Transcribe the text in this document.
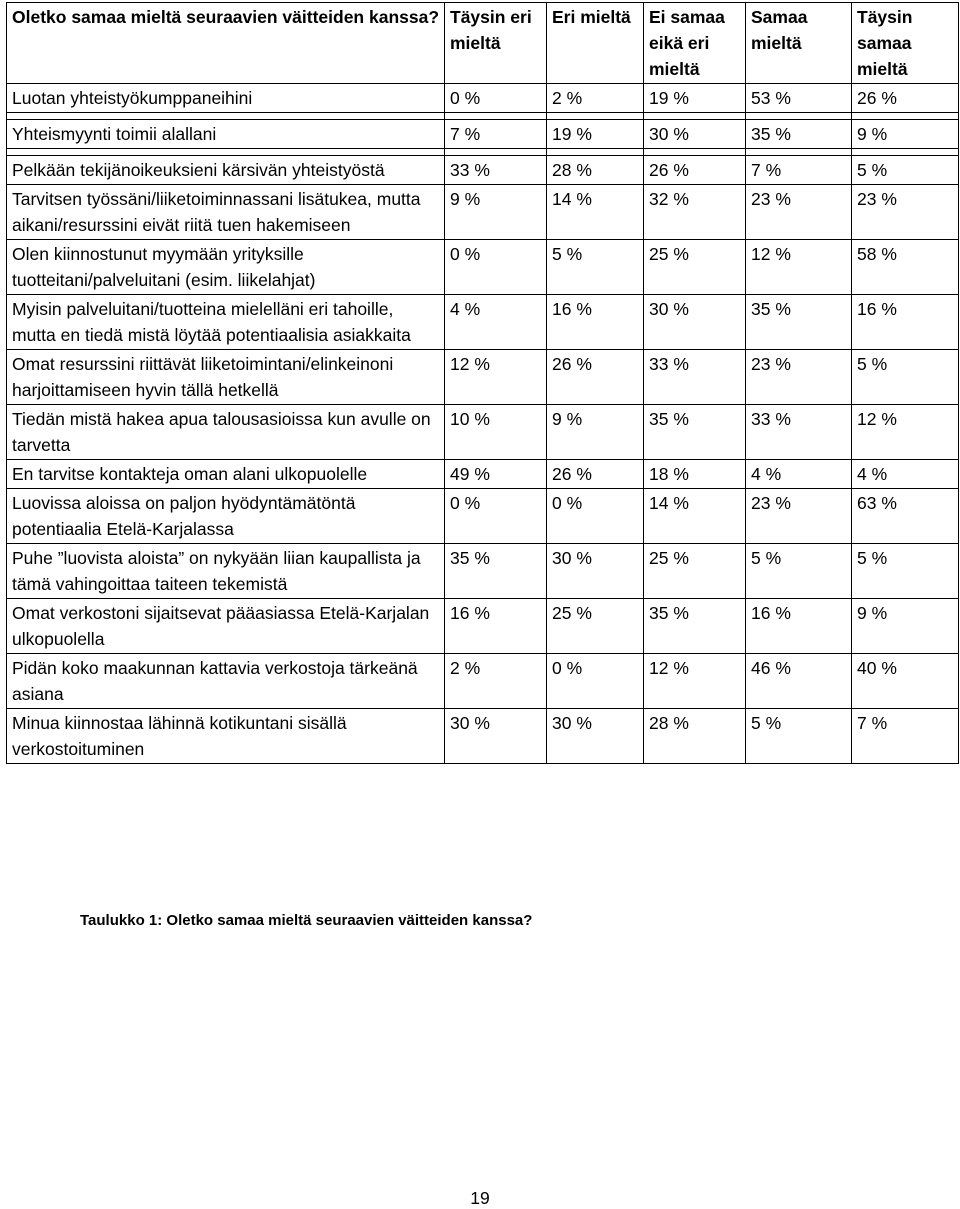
Oletko samaa mieltä seuraavien väitteiden kanssa?	Täysin eri mieltä	Eri mieltä	Ei samaa eikä eri mieltä	Samaa mieltä	Täysin samaa mieltä
Luotan yhteistyökumppaneihini	0 %	2 %	19 %	53 %	26 %

Yhteismyynti toimii alallani	7 %	19 %	30 %	35 %	9 %

Pelkään tekijänoikeuksieni kärsivän yhteistyöstä	33 %	28 %	26 %	7 %	5 %
Tarvitsen työssäni/liiketoiminnassani lisätukea, mutta aikani/resurssini eivät riitä tuen hakemiseen	9 %	14 %	32 %	23 %	23 %
Olen kiinnostunut myymään yrityksille tuotteitani/palveluitani (esim. liikelahjat)	0 %	5 %	25 %	12 %	58 %
Myisin palveluitani/tuotteina mielelläni eri tahoille, mutta en tiedä mistä löytää potentiaalisia asiakkaita	4 %	16 %	30 %	35 %	16 %
Omat resurssini riittävät liiketoimintani/elinkeinoni harjoittamiseen hyvin tällä hetkellä	12 %	26 %	33 %	23 %	5 %
Tiedän mistä hakea apua talousasioissa kun avulle on tarvetta	10 %	9 %	35 %	33 %	12 %
En tarvitse kontakteja oman alani ulkopuolelle	49 %	26 %	18 %	4 %	4 %
Luovissa aloissa on paljon hyödyntämätöntä potentiaalia Etelä-Karjalassa	0 %	0 %	14 %	23 %	63 %
Puhe ”luovista aloista” on nykyään liian kaupallista ja tämä vahingoittaa taiteen tekemistä	35 %	30 %	25 %	5 %	5 %
Omat verkostoni sijaitsevat pääasiassa Etelä-Karjalan ulkopuolella	16 %	25 %	35 %	16 %	9 %
Pidän koko maakunnan kattavia verkostoja tärkeänä asiana	2 %	0 %	12 %	46 %	40 %
Minua kiinnostaa lähinnä kotikuntani sisällä verkostoituminen	30 %	30 %	28 %	5 %	7 %
Taulukko 1: Oletko samaa mieltä seuraavien väitteiden kanssa?
19
